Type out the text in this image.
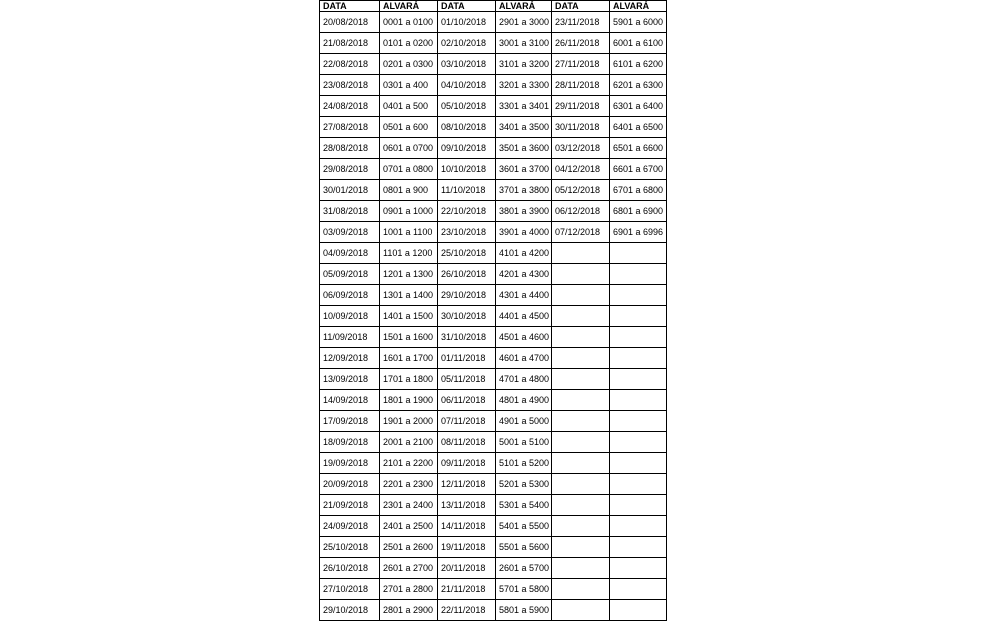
DATA	ALVARÁ	DATA	ALVARÁ	DATA	ALVARÁ
20/08/2018	0001 a 0100	01/10/2018	2901 a 3000	23/11/2018	5901 a 6000
21/08/2018	0101 a 0200	02/10/2018	3001 a 3100	26/11/2018	6001 a 6100
22/08/2018	0201 a 0300	03/10/2018	3101 a 3200	27/11/2018	6101 a 6200
23/08/2018	0301 a 400	04/10/2018	3201 a 3300	28/11/2018	6201 a 6300
24/08/2018	0401 a 500	05/10/2018	3301 a 3401	29/11/2018	6301 a 6400
27/08/2018	0501 a 600	08/10/2018	3401 a 3500	30/11/2018	6401 a 6500
28/08/2018	0601 a 0700	09/10/2018	3501 a 3600	03/12/2018	6501 a 6600
29/08/2018	0701 a 0800	10/10/2018	3601 a 3700	04/12/2018	6601 a 6700
30/01/2018	0801 a 900	11/10/2018	3701 a 3800	05/12/2018	6701 a 6800
31/08/2018	0901 a 1000	22/10/2018	3801 a 3900	06/12/2018	6801 a 6900
03/09/2018	1001 a 1100	23/10/2018	3901 a 4000	07/12/2018	6901 a 6996
04/09/2018	1101 a 1200	25/10/2018	4101 a 4200		
05/09/2018	1201 a 1300	26/10/2018	4201 a 4300		
06/09/2018	1301 a 1400	29/10/2018	4301 a 4400		
10/09/2018	1401 a 1500	30/10/2018	4401 a 4500		
11/09/2018	1501 a 1600	31/10/2018	4501 a 4600		
12/09/2018	1601 a 1700	01/11/2018	4601 a 4700		
13/09/2018	1701 a 1800	05/11/2018	4701 a 4800		
14/09/2018	1801 a 1900	06/11/2018	4801 a 4900		
17/09/2018	1901 a 2000	07/11/2018	4901 a 5000		
18/09/2018	2001 a 2100	08/11/2018	5001 a 5100		
19/09/2018	2101 a 2200	09/11/2018	5101 a 5200		
20/09/2018	2201 a 2300	12/11/2018	5201 a 5300		
21/09/2018	2301 a 2400	13/11/2018	5301 a 5400		
24/09/2018	2401 a 2500	14/11/2018	5401 a 5500		
25/10/2018	2501 a 2600	19/11/2018	5501 a 5600		
26/10/2018	2601 a 2700	20/11/2018	2601 a 5700		
27/10/2018	2701 a 2800	21/11/2018	5701 a 5800		
29/10/2018	2801 a 2900	22/11/2018	5801 a 5900		
